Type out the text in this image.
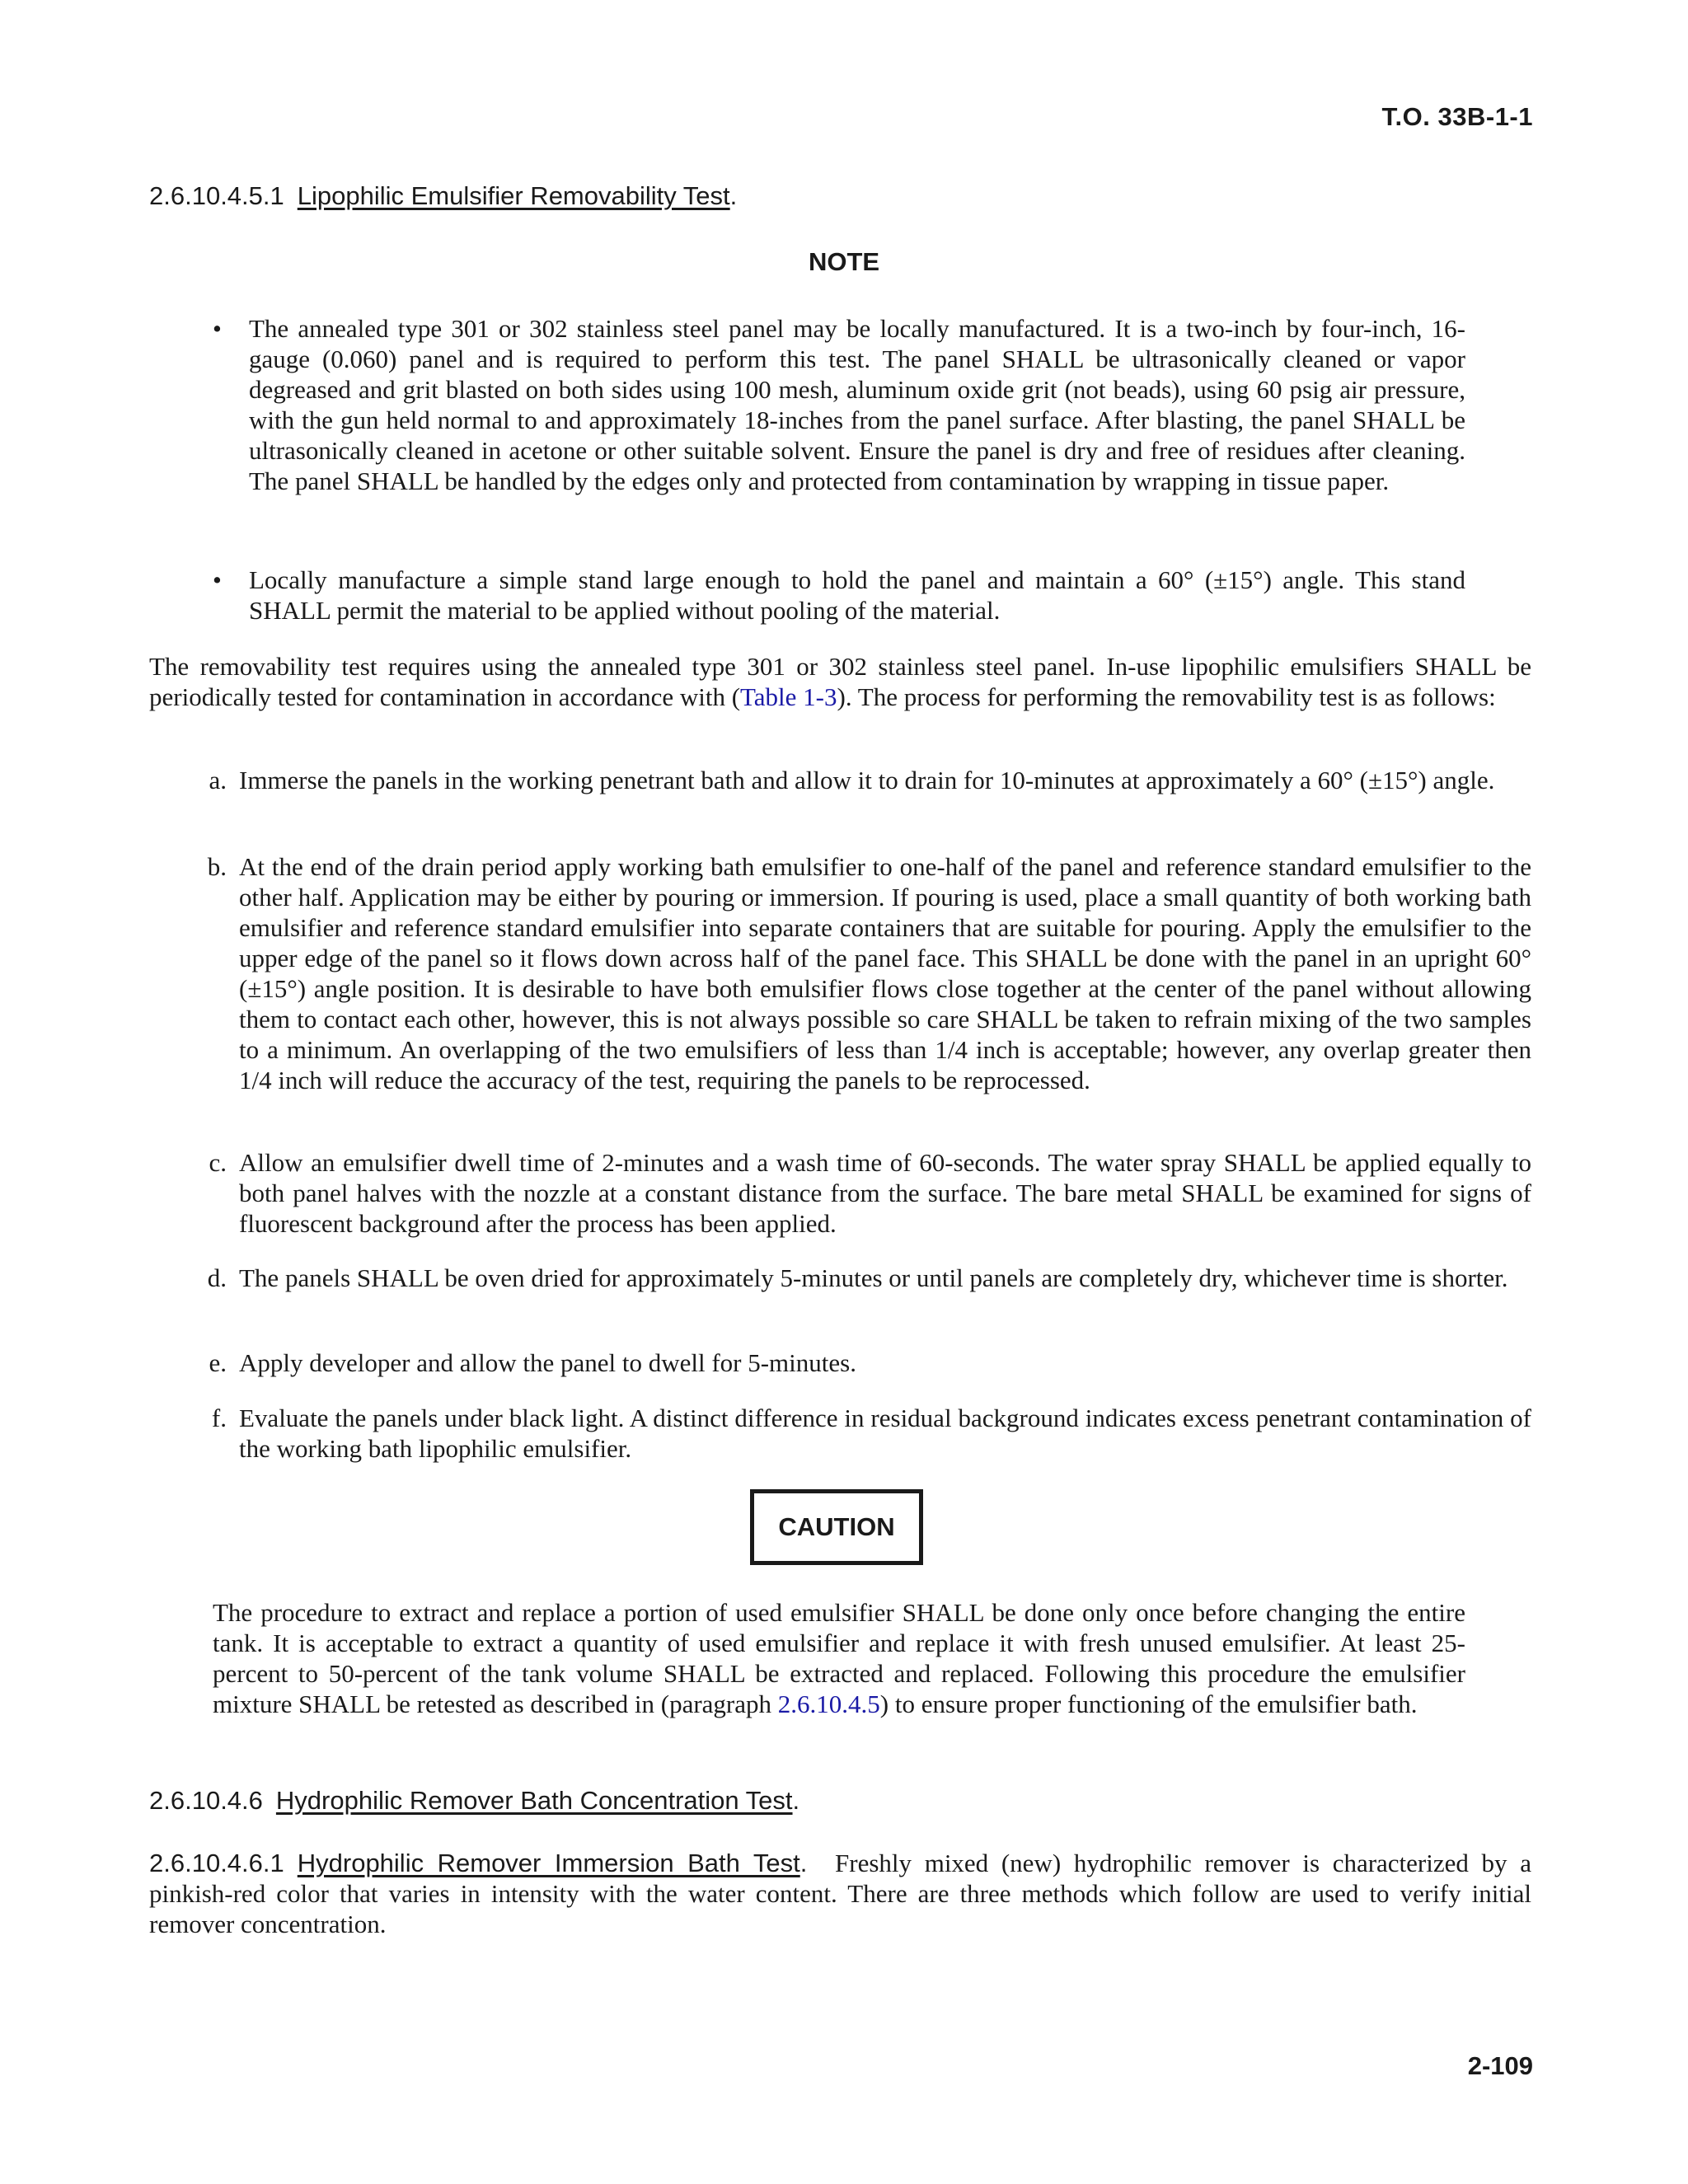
T.O. 33B-1-1
2.6.10.4.5.1 Lipophilic Emulsifier Removability Test.
NOTE
• The annealed type 301 or 302 stainless steel panel may be locally manufactured. It is a two-inch by four-inch, 16-gauge (0.060) panel and is required to perform this test. The panel SHALL be ultrasonically cleaned or vapor degreased and grit blasted on both sides using 100 mesh, aluminum oxide grit (not beads), using 60 psig air pressure, with the gun held normal to and approximately 18-inches from the panel surface. After blasting, the panel SHALL be ultrasonically cleaned in acetone or other suitable solvent. Ensure the panel is dry and free of residues after cleaning. The panel SHALL be handled by the edges only and protected from contamination by wrapping in tissue paper.
• Locally manufacture a simple stand large enough to hold the panel and maintain a 60° (±15°) angle. This stand SHALL permit the material to be applied without pooling of the material.
The removability test requires using the annealed type 301 or 302 stainless steel panel. In-use lipophilic emulsifiers SHALL be periodically tested for contamination in accordance with (Table 1-3). The process for performing the removability test is as follows:
a. Immerse the panels in the working penetrant bath and allow it to drain for 10-minutes at approximately a 60° (±15°) angle.
b. At the end of the drain period apply working bath emulsifier to one-half of the panel and reference standard emulsifier to the other half. Application may be either by pouring or immersion. If pouring is used, place a small quantity of both working bath emulsifier and reference standard emulsifier into separate containers that are suitable for pouring. Apply the emulsifier to the upper edge of the panel so it flows down across half of the panel face. This SHALL be done with the panel in an upright 60° (±15°) angle position. It is desirable to have both emulsifier flows close together at the center of the panel without allowing them to contact each other, however, this is not always possible so care SHALL be taken to refrain mixing of the two samples to a minimum. An overlapping of the two emulsifiers of less than 1/4 inch is acceptable; however, any overlap greater then 1/4 inch will reduce the accuracy of the test, requiring the panels to be reprocessed.
c. Allow an emulsifier dwell time of 2-minutes and a wash time of 60-seconds. The water spray SHALL be applied equally to both panel halves with the nozzle at a constant distance from the surface. The bare metal SHALL be examined for signs of fluorescent background after the process has been applied.
d. The panels SHALL be oven dried for approximately 5-minutes or until panels are completely dry, whichever time is shorter.
e. Apply developer and allow the panel to dwell for 5-minutes.
f. Evaluate the panels under black light. A distinct difference in residual background indicates excess penetrant contamination of the working bath lipophilic emulsifier.
CAUTION
The procedure to extract and replace a portion of used emulsifier SHALL be done only once before changing the entire tank. It is acceptable to extract a quantity of used emulsifier and replace it with fresh unused emulsifier. At least 25-percent to 50-percent of the tank volume SHALL be extracted and replaced. Following this procedure the emulsifier mixture SHALL be retested as described in (paragraph 2.6.10.4.5) to ensure proper functioning of the emulsifier bath.
2.6.10.4.6 Hydrophilic Remover Bath Concentration Test.
2.6.10.4.6.1 Hydrophilic Remover Immersion Bath Test. Freshly mixed (new) hydrophilic remover is characterized by a pinkish-red color that varies in intensity with the water content. There are three methods which follow are used to verify initial remover concentration.
2-109
